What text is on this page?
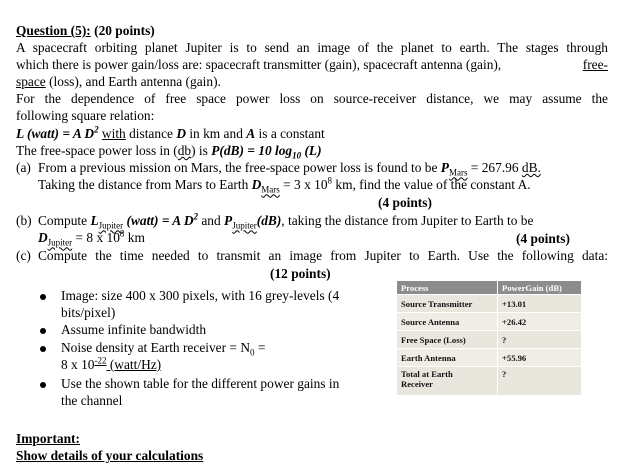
Question (5): (20 points)
A spacecraft orbiting planet Jupiter is to send an image of the planet to earth. The stages through
which there is power gain/loss are: spacecraft transmitter (gain), spacecraft antenna (gain),	free-
space (loss), and Earth antenna (gain).
For the dependence of free space power loss on source-receiver distance, we may assume the
following square relation:
L (watt) = A $D^2$ with distance D in km and A is a constant
The free-space power loss in (db) is P(dB) = 10 $\log_{10} (L)$
(a) From a previous mission on Mars, the free-space power loss is found to be $P_{Mars} = 267.96$ dB.
Taking the distance from Mars to Earth $D_{Mars} = 3$ x $10^8$ km, find the value of the constant A.
(4 points)
(b) Compute $L_{Jupiter}$ (watt) = A $D^2$ and $P_{Jupiter}(dB)$, taking the distance from Jupiter to Earth to be
$D_{Jupiter} = 8$ x $10^8$ km	(4 points)
(c) Compute the time needed to transmit an image from Jupiter to Earth. Use the following data:
(12 points)
Image: size 400 x 300 pixels, with 16 grey-levels (4
bits/pixel)
Assume infinite bandwidth
Noise density at Earth receiver = $N_0$ =
8 x $10^{-22}$ (watt/Hz)
Use the shown table for the different power gains in
the channel
Process	PowerGain (dB)
Source Transmitter	+13.01
Source Antenna	+26.42
Free Space (Loss)	?
Earth Antenna	+55.96
Total at Earth
Receiver	?
Important:
Show details of your calculations
